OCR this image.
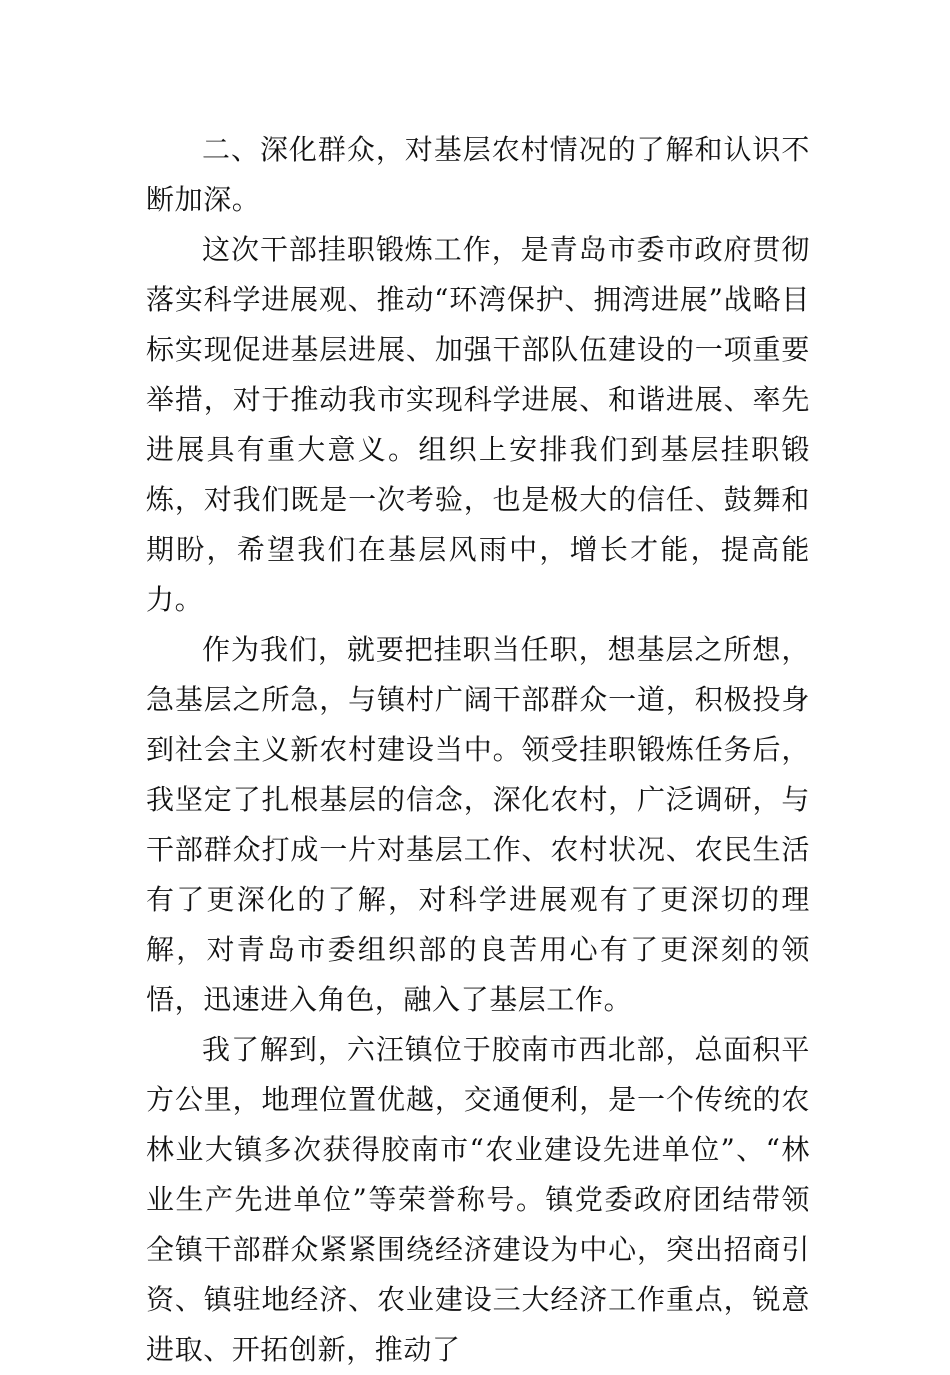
二、深化群众，对基层农村情况的了解和认识不断加深。

这次干部挂职锻炼工作，是青岛市委市政府贯彻落实科学进展观、推动“环湾保护、拥湾进展”战略目标实现促进基层进展、加强干部队伍建设的一项重要举措，对于推动我市实现科学进展、和谐进展、率先进展具有重大意义。组织上安排我们到基层挂职锻炼，对我们既是一次考验，也是极大的信任、鼓舞和期盼，希望我们在基层风雨中，增长才能，提高能力。

作为我们，就要把挂职当任职，想基层之所想，急基层之所急，与镇村广阔干部群众一道，积极投身到社会主义新农村建设当中。领受挂职锻炼任务后，我坚定了扎根基层的信念，深化农村，广泛调研，与干部群众打成一片对基层工作、农村状况、农民生活有了更深化的了解，对科学进展观有了更深切的理解，对青岛市委组织部的良苦用心有了更深刻的领悟，迅速进入角色，融入了基层工作。

我了解到，六汪镇位于胶南市西北部，总面积平方公里，地理位置优越，交通便利，是一个传统的农林业大镇多次获得胶南市“农业建设先进单位”、“林业生产先进单位”等荣誉称号。镇党委政府团结带领全镇干部群众紧紧围绕经济建设为中心，突出招商引资、镇驻地经济、农业建设三大经济工作重点，锐意进取、开拓创新，推动了
